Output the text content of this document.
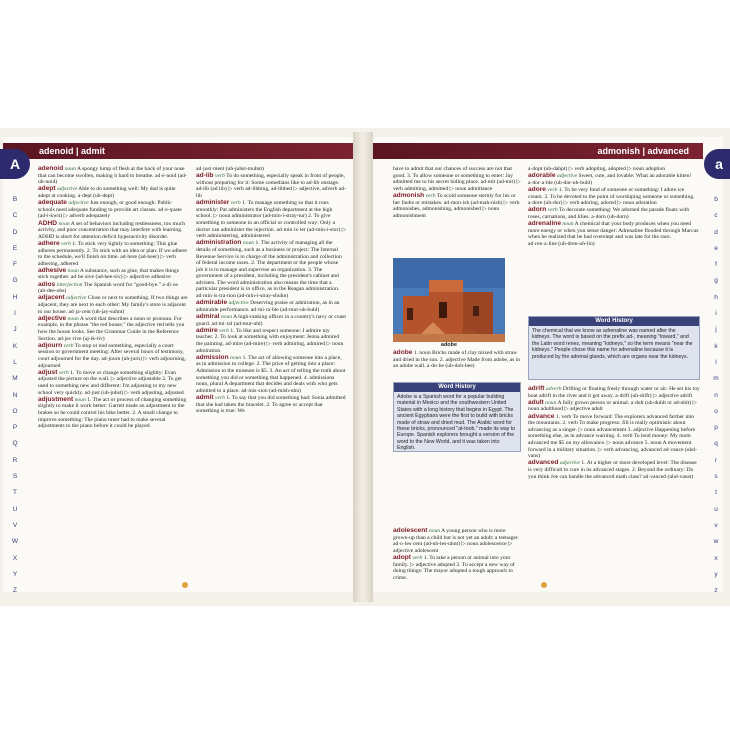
adenoid | admit	admonish | advanced
A	a
B
C
D
E
F
G
H
I
J
K
L
M
N
O
P
Q
R
S
T
U
V
W
X
Y
Z
b
c
d
e
f
g
h
i
j
k
l
m
n
o
p
q
r
s
t
u
v
w
x
y
z

adenoid noun A spongy lump of flesh at the back of your nose that can become swollen, making it hard to breathe. ad·e·noid (ad-uh-noid)

adept adjective Able to do something well: My dad is quite adept at cooking. a·dept (uh-dept)

adequate adjective Just enough, or good enough: Public schools need adequate funding to provide art classes. ad·e·quate (ad-i-kwit) ▷ adverb adequately

ADHD noun A set of behaviors including restlessness, too much activity, and poor concentration that may interfere with learning. ADHD is short for attention deficit hyperactivity disorder.

adhere verb 1. To stick very tightly to something: This glue adheres permanently. 2. To stick with an idea or plan: If we adhere to the schedule, we'll finish on time. ad·here (ad-heer) ▷ verb adhering, adhered

adhesive noun A substance, such as glue, that makes things stick together. ad·he·sive (ad-hee-siv) ▷ adjective adhesive

adios interjection The Spanish word for "good-bye." a·di·os (ah-dee-ohs)

adjacent adjective Close or next to something. If two things are adjacent, they are next to each other: My family's store is adjacent to our house. ad·ja·cent (uh-jay-suhnt)

adjective noun A word that describes a noun or pronoun. For example, in the phrase "the red house," the adjective red tells you how the house looks. See the Grammar Guide in the Reference Section. ad·jec·tive (aj-ik-tiv)

adjourn verb To stop or end something, especially a court session or government meeting: After several hours of testimony, court adjourned for the day. ad·journ (uh-jurn) ▷ verb adjourning, adjourned

adjust verb 1. To move or change something slightly: Evan adjusted the picture on the wall. ▷ adjective adjustable 2. To get used to something new and different: I'm adjusting to my new school very quickly. ad·just (uh-juhst) ▷ verb adjusting, adjusted

adjustment noun 1. The act or process of changing something slightly to make it work better: Garrett made an adjustment to the brakes so he could control his bike better. 2. A small change to improve something: The piano tuner had to make several adjustments to the piano before it could be played.

ad·just·ment (uh-juhst-muhnt)

ad-lib verb To do something, especially speak in front of people, without preparing for it: Some comedians like to ad-lib onstage. ad-lib (ad lib) ▷ verb ad-libbing, ad-libbed ▷ adjective, adverb ad-lib

administer verb 1. To manage something so that it runs smoothly: Pat administers the English department at the high school. ▷ noun administrator (ad-min-i-stray-tur) 2. To give something to someone in an official or controlled way: Only a doctor can administer the injection. ad·min·is·ter (ad-min-i-stur) ▷ verb administering, administered

administration noun 1. The activity of managing all the details of something, such as a business or project: The Internal Revenue Service is in charge of the administration and collection of federal income taxes. 2. The department or the people whose job it is to manage and supervise an organization. 3. The government of a president, including the president's cabinet and advisers. The word administration also means the time that a particular president is in office, as in the Reagan administration. ad·min·is·tra·tion (ad-min-i-stray-shuhn)

admirable adjective Deserving praise or admiration, as in an admirable performance. ad·mi·ra·ble (ad-mur-uh-buhl)

admiral noun A high-ranking officer in a country's navy or coast guard. ad·mi·ral (ad-mur-uhl)

admire verb 1. To like and respect someone: I admire my teacher. 2. To look at something with enjoyment: Jenna admired the painting. ad·mire (ad-mire) ▷ verb admiring, admired ▷ noun admiration

admission noun 1. The act of allowing someone into a place, as in admission to college. 2. The price of getting into a place: Admission to the museum is $5. 3. An act of telling the truth about something you did or something that happened. 4. admissions noun, plural A department that decides and deals with who gets admitted to a place. ad·mis·sion (ad-mish-uhn)

admit verb 1. To say that you did something bad: Sonia admitted that she had taken the bracelet. 2. To agree or accept that something is true: We

have to admit that our chances of success are not that good. 3. To allow someone or something to enter: Jay admitted me to his secret hiding place. ad·mit (ad-mit) ▷ verb admitting, admitted ▷ noun admittance

admonish verb To scold someone sternly for his or her faults or mistakes. ad·mon·ish (ad-mah-nish) ▷ verb admonishes, admonishing, admonished ▷ noun admonishment

adobe

adobe 1. noun Bricks made of clay mixed with straw and dried in the sun. 2. adjective Made from adobe, as in an adobe wall. a·do·be (uh-doh-bee)

Word History
Adobe is a Spanish word for a popular building material in Mexico and the southwestern United States with a long history that begins in Egypt. The ancient Egyptians were the first to build with bricks made of straw and dried mud. The Arabic word for these bricks, pronounced "at-toob," made its way to Europe. Spanish explorers brought a version of the word to the New World, and it was taken into English.

adolescent noun A young person who is more grown-up than a child but is not yet an adult; a teenager. ad·o·les·cent (ad-uh-les-uhnt) ▷ noun adolescence ▷ adjective adolescent

adopt verb 1. To take a person or animal into your family. ▷ adjective adopted 2. To accept a new way of doing things: The mayor adopted a tough approach to crime.

a·dopt (uh-dahpt) ▷ verb adopting, adopted ▷ noun adoption

adorable adjective Sweet, cute, and lovable: What an adorable kitten! a·dor·a·ble (uh-dor-uh-buhl)

adore verb 1. To be very fond of someone or something: I adore ice cream. 2. To be devoted to the point of worshiping someone or something. a·dore (uh-dor) ▷ verb adoring, adored ▷ noun adoration

adorn verb To decorate something: We adorned the parade floats with roses, carnations, and lilies. a·dorn (uh-dorn)

adrenaline noun A chemical that your body produces when you need more energy or when you sense danger: Adrenaline flooded through Marcus when he realized that he had overslept and was late for the race. ad·ren·a·line (uh-dren-uh-lin)

Word History
The chemical that we know as adrenaline was named after the kidneys. The word is based on the prefix ad-, meaning "toward," and the Latin word renes, meaning "kidneys," so the term means "near the kidneys." People chose this name for adrenaline because it is produced by the adrenal glands, which are organs near the kidneys.

adrift adverb Drifting or floating freely through water or air: He set his toy boat adrift in the river and it got away. a·drift (uh-drift) ▷ adjective adrift

adult noun A fully grown person or animal. a·dult (uh-duhlt or ad-uhlt) ▷ noun adulthood ▷ adjective adult

advance 1. verb To move forward: The explorers advanced farther into the mountains. 2. verb To make progress: Jill is really optimistic about advancing as a singer. ▷ noun advancement 3. adjective Happening before something else, as in advance warning. 4. verb To lend money: My mom advanced me $5 on my allowance. ▷ noun advance 5. noun A movement forward in a military situation. ▷ verb advancing, advanced ad·vance (uhd-vans)

advanced adjective 1. At a higher or more developed level: The disease is very difficult to cure in its advanced stages. 2. Beyond the ordinary: Do you think Joe can handle the advanced math class? ad·vanced (uhd-vanst)
